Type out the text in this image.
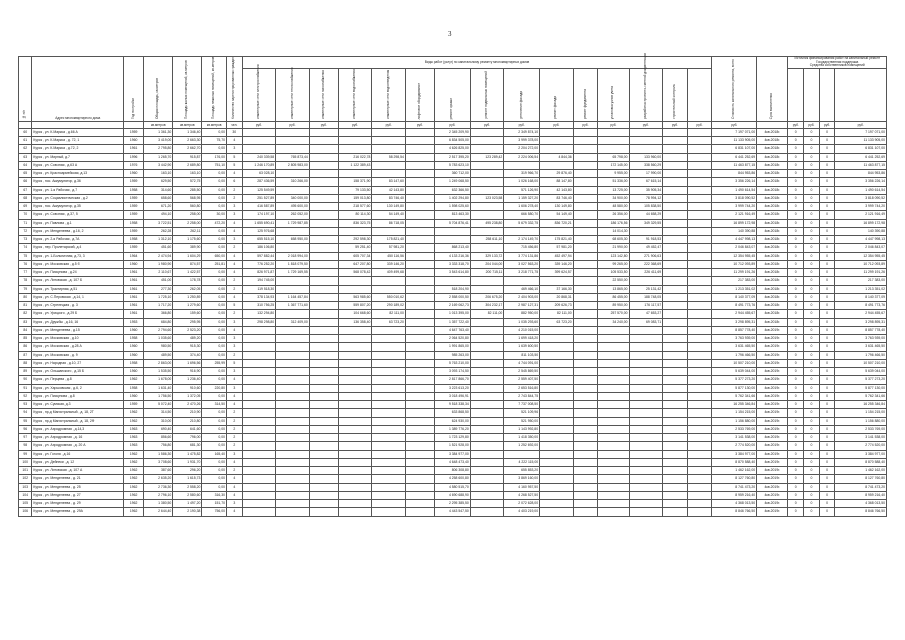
3
№ п/п	Адрес многоквартирного дома	Год постройки	Общая площадь, кв.метров	Площадь жилых помещений, кв.метров	Площадь нежилых помещений, кв.метров	Количество зарегистрированных граждан	Виды работ (услуг) по капитальному ремонту многоквартирных домов															Стоимость капитального ремонта, всего	Срок выполнения	Источник финансирования работ на капитальный ремонт
Государственная поддержка
Средства собственников помещений			
							инженерные сети электроснабжения	инженерные сети теплоснабжения	инженерные сети газоснабжения	инженерные сети водоснабжения	инженерные сети водоотведения	лифтовое оборудование	ремонт крыши	ремонт подвальных помещений	утепление фасада	ремонт фасада	ремонт фундамента	установка узлов учета	разработка проектно-сметной документации	строительный контроль							
			кв.метров	кв.метров	кв.метров	чел.	руб.	руб.	руб.	руб.	руб.	руб.	руб.	руб.	руб.	руб.	руб.	руб.	руб.	руб.	руб.	руб.		руб.	руб.	руб.	руб.
60	Курск , ул. К.Маркса , д.66 А	1959	1 361,30	1 346,40	0,00	30							2 345 209,90		2 349 874,10							7 197 071,00	4кв.2018г.	0	0	0	7 197 071,00
61	Курск , ул. К.Маркса , д. 72, 1	1960	3 419,00	2 663,30	75,70	4							6 834 505,00		3 999 378,00							11 133 905,00	4кв.2018г.	0	0	0	11 133 905,00
62	Курск , ул. К.Маркса , д.72, 2	1961	2 795,80	2 662,70	0,00	3							4 626 825,00		2 204 272,00							6 831 107,00	4кв.2018г.	0	0	0	6 831 107,00
63	Курск , ул. Мирный, д.7	1996	1 265,70	915,87	176,00	5	240 339,58	765 873,44		216 022,78	58 298,54		2 517 395,20	123 289,42	2 224 006,54	4 844,36		65 798,00	133 960,00			6 441 252,69	4кв.2018г.	0	0	0	6 441 252,69
64	Курск , ул. Союзная , д.63 А	1976	3 442,90	2 689,80	751,10	5	1 246 170,89	2 805 983,00		1 122 389,43			5 783 623,10					172 145,00	338 560,29			11 463 877,15	4кв.2018г.	0	0	0	11 463 877,15
65	Курск , ул. Красноармейская, д.13	1960	163,10	163,10	0,00	4	63 028,10						360 712,00		319 966,70	29 876,40		9 955,00	17 990,00			844 953,86	4кв.2018г.	0	0	0	844 953,86
66	Курск , пос. Аккумулятор, д.36	1959	629,50	572,75	0,00	6	287 436,59	310 266,00		158 371,90	83 147,60		1 249 068,50		1 026 168,00	88 147,80		51 336,00	67 615,14			3 356 226,14	4кв.2018г.	0	0	0	3 356 226,14
67	Курск , ул. 1-я Рабочая , д.7	1958	314,60	285,50	0,00	2	125 549,59			79 133,50	42 143,80		632 366,50		571 126,90	42 143,80		13 725,00	35 905,34			1 490 614,54	4кв.2018г.	0	0	0	1 490 614,54
68	Курск , ул. Социалистическая , д.2	1959	658,60	568,95	0,00	2	251 527,89	340 000,00		159 013,80	83 746,40		1 402 294,80	123 023,58	1 159 327,20	83 746,40		34 900,00	78 994,12			3 818 090,52	4кв.2018г.	0	0	0	3 818 090,52
69	Курск , пос. Аккумулятор, д.35	1959	671,20	560,80	0,00	3	416 587,89	495 600,00		218 577,60	130 149,80		1 598 025,60		1 606 278,40	130 149,80		48 580,00	105 838,50			3 999 744,20	4кв.2018г.	0	0	0	3 999 744,20
70	Курск , ул. Союзная , д.37, 5	1959	494,10	258,00	30,00	3	174 197,10	262 052,00		80 114,30	54 149,40		813 463,30		666 580,70	54 149,40		26 356,00	44 658,29			2 121 916,49	4кв.2018г.	0	0	0	2 121 916,49
71	Курск , ул. Павлова , д.1	1958	3 722,51	2 258,00	472,20	4	1 655 690,41	1 729 987,85		836 323,75	86 718,05		5 704 876,41	495 238,80	5 679 332,75	836 720,21		186 176,56	349 329,55			16 899 172,98	4кв.2018г.	0	0	0	16 899 172,98
72	Курск , ул. Менделеева , д.16, 2	1959	262,28	262,11	0,00	4	125 976,68											14 014,30				140 390,88	4кв.2018г.	0	0	0	140 390,88
73	Курск , ул. 2-я Рабочая , д.7А	1958	1 312,10	1 175,60	0,00	3	655 515,10	658 950,00		292 598,30	175 821,40			258 611,10	2 174 149,70	175 821,40		68 605,30	91 918,53			4 447 998,13	4кв.2018г.	0	0	0	4 447 998,13
74	Курск , пер. Пролетарский, д.4	1959	451,60	389,90	0,00	2	186 106,80			59 251,40	57 981,20		868 213,40		715 456,80	57 981,20		21 990,00	49 452,47			2 046 843,07	4кв.2018г.	0	0	0	2 046 843,07
75	Курск , ул. 1-Больничная, д.73, 3	1964	2 474,94	1 604,29	650,00	4	597 882,44	2 018 994,00		605 707,34	450 116,56		4 133 216,36	329 133,72	3 774 131,86	452 497,94		123 142,80	271 906,63			12 354 955,45	4кв.2018г.	0	0	0	12 354 955,45
76	Курск , ул. Московская , д.5 б	1960	1 980,90	874,57	251,81	4	776 252,20	1 818 079,50		647 207,80	339 146,20		3 333 318,70	204 044,00	3 027 563,20	339 146,20		99 265,00	222 368,69			10 712 093,89	4кв.2018г.	0	0	0	10 712 093,89
77	Курск , ул. Пискунова , д.24	1961	2 110,67	1 422,57	0,00	4	826 971,87	1 729 169,55		568 078,42	409 499,68		3 543 614,80	200 715,11	3 218 771,75	399 624,57		105 533,50	226 411,69			11 299 191,26	4кв.2018г.	0	0	0	11 299 191,26
78	Курск , ул. Литовская , д. 107 Б	1961	451,00	178,78	0,00	2	194 745,00											22 550,00				217 383,00	4кв.2018г.	0	0	0	217 383,00
79	Курск , ул. Трактирная, д.51	1961	277,30	262,05	0,00	2	119 518,30						518 204,90		469 466,10	37 166,30		13 865,00	25 131,42			1 213 351,02	4кв.2018г.	0	0	0	1 213 351,02
80	Курск , ул. С.Перовская , д.14, 1	1961	1 725,10	1 250,89	0,00	4	378 134,93	1 164 457,84		563 985,60	550 010,62		2 558 000,50	206 675,20	2 404 903,00	20 868,31		86 455,00	188 748,05			8 140 377,09	4кв.2018г.	0	0	0	8 140 377,09
81	Курск , ул. Стрелецкая , д. 3	1961	1 717,20	1 279,60	0,00	5	310 756,25	1 367 771,60		559 807,20	290 189,02		2 169 062,73	304 232,17	2 987 127,31	209 626,73		89 950,00	176 117,57			8 491 773,76	4кв.2018г.	0	0	0	8 491 773,76
82	Курск , ул. Урицкого , д.29 Б	1961	366,80	159,60	0,00	2	132 294,80			104 668,60	82 111,00		1 013 395,00	82 111,00	882 950,00	82 111,00		257 570,00	47 653,27			2 944 455,67	4кв.2018г.	0	0	0	2 944 455,67
83	Курск , ул. Дружбы , д.16, 16	1953	684,80	295,95	0,00	3	298 298,80	312 409,00		136 358,40	63 723,20		1 357 722,40		1 035 293,60	63 723,20		34 240,00	69 083,71			3 298 895,31	4кв.2018г.	0	0	0	3 298 895,31
84	Курск , ул. Менделеева , д.15	1960	2 794,60	2 523,20	0,00	4							4 647 763,40		4 210 015,00							8 857 778,40	4кв.2019г.	0	0	0	8 857 778,40
85	Курск , ул. Московская , д.10	1958	1 035,60	489,20	0,00	3							2 064 520,80		1 699 418,20							3 763 939,00	4кв.2019г.	0	0	0	3 763 939,00
86	Курск , ул. Московская , д.28 А	1960	980,50	915,30	0,00	3							1 991 865,00		1 639 600,50							3 631 465,50	4кв.2019г.	0	0	0	3 631 465,50
87	Курск , ул. Московская , д. 9	1960	489,50	374,40	0,00	2							985 263,00		811 103,50							1 796 466,50	4кв.2019г.	0	0	0	1 796 466,50
88	Курск , ул. Народная , д.10, 27	1958	2 863,00	1 696,56	255,99	5							5 763 210,00		4 744 091,00							10 507 210,00	4кв.2019г.	0	0	0	10 507 210,00
89	Курск , ул. Ольшанского , д.15 Б	1960	1 535,50	916,90	0,00	3							3 093 174,50		2 545 869,50							5 639 044,00	4кв.2019г.	0	0	0	5 639 044,00
90	Курск , ул. Перцева , д.8	1962	1 678,00	1 236,40	0,00	4							2 817 866,70		2 559 407,50							5 377 273,20	4кв.2019г.	0	0	0	5 377 273,20
91	Курск , ул. Харьковская , д.6, 2	1958	1 631,40	910,60	220,80	3							3 223 613,20		2 653 516,80							5 877 130,00	4кв.2019г.	0	0	0	5 877 130,00
92	Курск , ул. Пискунова , д.8	1960	1 756,50	1 372,05	0,00	4							3 018 496,91		2 743 844,75							5 762 341,66	4кв.2019г.	0	0	0	5 762 341,66
93	Курск , ул. Сумская, д.3	1959	5 072,40	2 470,26	314,50	4							9 518 338,34		7 737 008,50							16 255 346,84	4кв.2019г.	0	0	0	16 255 346,84
94	Курск , пр-д Магистральный , д. 18, 2Т	1962	314,50	210,90	0,00	2							633 868,50		521 109,96							1 154 215,00	4кв.2019г.	0	0	0	1 154 215,00
95	Курск , пр-д Магистральный , д. 18, 2Ф	1962	310,00	210,80	0,00	2							624 930,00		521 950,00							1 156 880,00	4кв.2019г.	0	0	0	1 156 880,00
96	Курск , ул. Аэродромная , д.14,3	1963	690,40	641,60	0,00	2							1 389 776,20		1 143 992,80							2 533 769,00	4кв.2019г.	0	0	0	2 533 769,00
97	Курск , ул. Аэродромная , д. 16	1963	856,60	796,00	0,00	2							1 723 129,80		1 418 350,00							3 141 538,00	4кв.2019г.	0	0	0	3 141 538,00
98	Курск , ул. Аэродромная , д. 20 А	1963	756,80	681,30	0,00	2							1 521 928,00		1 252 692,00							2 774 520,00	4кв.2019г.	0	0	0	2 774 520,00
99	Курск , ул. Гоголя , д.16	1962	1 586,30	1 475,82	165,40	3							3 384 977,00									3 384 977,00	4кв.2019г.	0	0	0	3 384 977,00
100	Курск , ул. Дейнеки , д. 12	1962	3 708,60	1 931,70	0,00	4							4 648 473,40		4 222 115,00							8 870 588,40	4кв.2019г.	0	0	0	8 870 588,40
101	Курск , ул. Литовская , д. 107 А	1962	387,60	296,20	0,00	2							806 308,80		655 853,20							1 462 162,00	4кв.2019г.	0	0	0	1 462 162,00
102	Курск , ул. Менделеева , д. 21	1962	2 635,20	1 615,73	0,00	4							4 258 600,80		3 869 160,00							8 127 760,80	4кв.2019г.	0	0	0	8 127 760,80
103	Курск , ул. Менделеева , д. 25	1962	2 736,30	2 558,20	0,00	4							4 580 515,70		4 160 957,50							8 741 473,20	4кв.2019г.	0	0	0	8 741 473,20
104	Курск , ул. Менделеева , д. 27	1962	2 796,10	2 580,60	316,30	4							4 690 688,90		4 268 527,50							8 959 216,40	4кв.2019г.	0	0	0	8 959 216,40
105	Курск , ул. Менделеева , д. 29	1962	1 380,50	1 497,20	151,70	3							2 295 385,50		2 072 628,00							4 368 013,50	4кв.2019г.	0	0	0	4 368 013,50
106	Курск , ул. Менделеева , д. 29А	1962	2 644,40	2 190,38	756,00	4							4 443 547,50		4 403 219,00							8 846 766,50	4кв.2019г.	0	0	0	8 846 766,50
